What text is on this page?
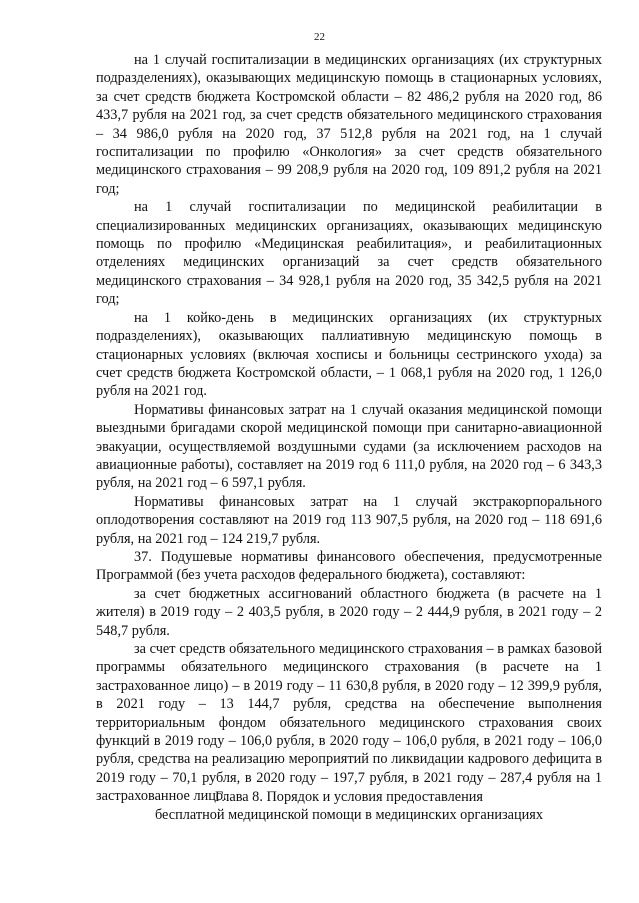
22

на 1 случай госпитализации в медицинских организациях (их структурных подразделениях), оказывающих медицинскую помощь в стационарных условиях, за счет средств бюджета Костромской области – 82 486,2 рубля на 2020 год, 86 433,7 рубля на 2021 год, за счет средств обязательного медицинского страхования – 34 986,0 рубля на 2020 год, 37 512,8 рубля на 2021 год, на 1 случай госпитализации по профилю «Онкология» за счет средств обязательного медицинского страхования – 99 208,9 рубля на 2020 год, 109 891,2 рубля на 2021 год;

на 1 случай госпитализации по медицинской реабилитации в специализированных медицинских организациях, оказывающих медицинскую помощь по профилю «Медицинская реабилитация», и реабилитационных отделениях медицинских организаций за счет средств обязательного медицинского страхования – 34 928,1 рубля на 2020 год, 35 342,5 рубля на 2021 год;

на 1 койко-день в медицинских организациях (их структурных подразделениях), оказывающих паллиативную медицинскую помощь в стационарных условиях (включая хосписы и больницы сестринского ухода) за счет средств бюджета Костромской области, – 1 068,1 рубля на 2020 год, 1 126,0 рубля на 2021 год.

Нормативы финансовых затрат на 1 случай оказания медицинской помощи выездными бригадами скорой медицинской помощи при санитарно-авиационной эвакуации, осуществляемой воздушными судами (за исключением расходов на авиационные работы), составляет на 2019 год 6 111,0 рубля, на 2020 год – 6 343,3 рубля, на 2021 год – 6 597,1 рубля.

Нормативы финансовых затрат на 1 случай экстракорпорального оплодотворения составляют на 2019 год 113 907,5 рубля, на 2020 год – 118 691,6 рубля, на 2021 год – 124 219,7 рубля.

37. Подушевые нормативы финансового обеспечения, предусмотренные Программой (без учета расходов федерального бюджета), составляют:

за счет бюджетных ассигнований областного бюджета (в расчете на 1 жителя) в 2019 году – 2 403,5 рубля, в 2020 году – 2 444,9 рубля, в 2021 году – 2 548,7 рубля.

за счет средств обязательного медицинского страхования – в рамках базовой программы обязательного медицинского страхования (в расчете на 1 застрахованное лицо) – в 2019 году – 11 630,8 рубля, в 2020 году – 12 399,9 рубля, в 2021 году – 13 144,7 рубля, средства на обеспечение выполнения территориальным фондом обязательного медицинского страхования своих функций в 2019 году – 106,0 рубля, в 2020 году – 106,0 рубля, в 2021 году – 106,0 рубля, средства на реализацию мероприятий по ликвидации кадрового дефицита в 2019 году – 70,1 рубля, в 2020 году – 197,7 рубля, в 2021 году – 287,4 рубля на 1 застрахованное лицо.

Глава 8. Порядок и условия предоставления
бесплатной медицинской помощи в медицинских организациях
